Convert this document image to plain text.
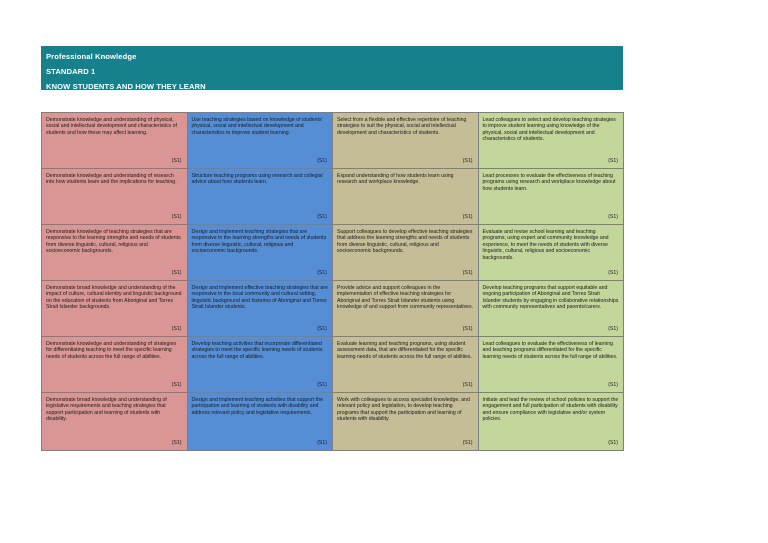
Professional Knowledge
STANDARD 1
KNOW STUDENTS AND HOW THEY LEARN
Demonstrate knowledge and understanding of physical, social and intellectual development and characteristics of students and how these may affect learning.
(S1)
Use teaching strategies based on knowledge of students' physical, social and intellectual development and characteristics to improve student learning.
(S1)
Select from a flexible and effective repertoire of teaching strategies to suit the physical, social and intellectual development and characteristics of students.
(S1)
Lead colleagues to select and develop teaching strategies to improve student learning using knowledge of the physical, social and intellectual development and characteristics of students.
(S1)
Demonstrate knowledge and understanding of research into how students learn and the implications for teaching.
(S1)
Structure teaching programs using research and collegial advice about how students learn.
(S1)
Expand understanding of how students learn using research and workplace knowledge.
(S1)
Lead processes to evaluate the effectiveness of teaching programs using research and workplace knowledge about how students learn.
(S1)
Demonstrate knowledge of teaching strategies that are responsive to the learning strengths and needs of students from diverse linguistic, cultural, religious and socioeconomic backgrounds.
(S1)
Design and implement teaching strategies that are responsive to the learning strengths and needs of students from diverse linguistic, cultural, religious and socioeconomic backgrounds.
(S1)
Support colleagues to develop effective teaching strategies that address the learning strengths and needs of students from diverse linguistic, cultural, religious and socioeconomic backgrounds.
(S1)
Evaluate and revise school learning and teaching programs, using expert and community knowledge and experience, to meet the needs of students with diverse linguistic, cultural, religious and socioeconomic backgrounds.
(S1)
Demonstrate broad knowledge and understanding of the impact of culture, cultural identity and linguistic background on the education of students from Aboriginal and Torres Strait Islander backgrounds.
(S1)
Design and implement effective teaching strategies that are responsive to the local community and cultural setting, linguistic background and histories of Aboriginal and Torres Strait Islander students.
(S1)
Provide advice and support colleagues in the implementation of effective teaching strategies for Aboriginal and Torres Strait Islander students using knowledge of and support from community representatives.
(S1)
Develop teaching programs that support equitable and ongoing participation of Aboriginal and Torres Strait Islander students by engaging in collaborative relationships with community representatives and parents/carers.
(S1)
Demonstrate knowledge and understanding of strategies for differentiating teaching to meet the specific learning needs of students across the full range of abilities.
(S1)
Develop teaching activities that incorporate differentiated strategies to meet the specific learning needs of students across the full range of abilities.
(S1)
Evaluate learning and teaching programs, using student assessment data, that are differentiated for the specific learning needs of students across the full range of abilities.
(S1)
Lead colleagues to evaluate the effectiveness of learning and teaching programs differentiated for the specific learning needs of students across the full range of abilities.
(S1)
Demonstrate broad knowledge and understanding of legislative requirements and teaching strategies that support participation and learning of students with disability.
(S1)
Design and implement teaching activities that support the participation and learning of students with disability and address relevant policy and legislative requirements.
(S1)
Work with colleagues to access specialist knowledge, and relevant policy and legislation, to develop teaching programs that support the participation and learning of students with disability.
(S1)
Initiate and lead the review of school policies to support the engagement and full participation of students with disability and ensure compliance with legislative and/or system policies.
(S1)
